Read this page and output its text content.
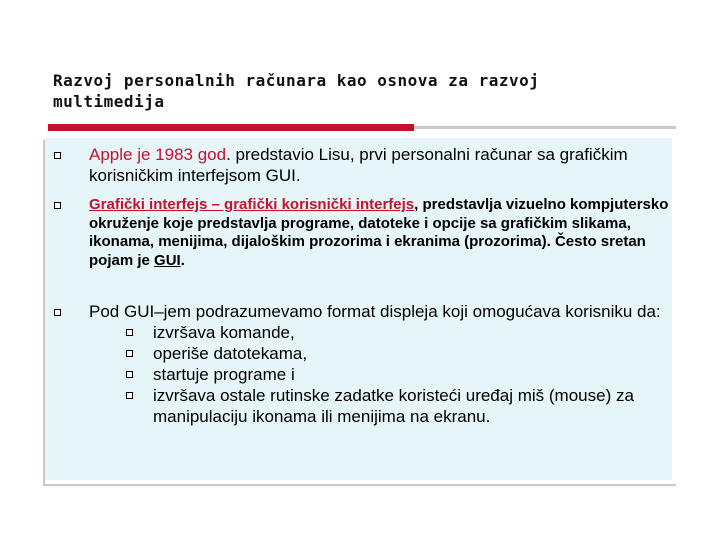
Razvoj personalnih računara kao osnova za razvoj
multimedija
Apple je 1983 god. predstavio Lisu, prvi personalni računar sa grafičkim korisničkim interfejsom GUI.
Grafički interfejs – grafički korisnički interfejs, predstavlja vizuelno kompjutersko okruženje koje predstavlja programe, datoteke i opcije sa grafičkim slikama, ikonama, menijima, dijaloškim prozorima i ekranima (prozorima). Često sretan pojam je GUI.
Pod GUI–jem podrazumevamo format displeja koji omogućava korisniku da:
izvršava komande,
operiše datotekama,
startuje programe i
izvršava ostale rutinske zadatke koristeći uređaj miš (mouse) za manipulaciju ikonama ili menijima na ekranu.
